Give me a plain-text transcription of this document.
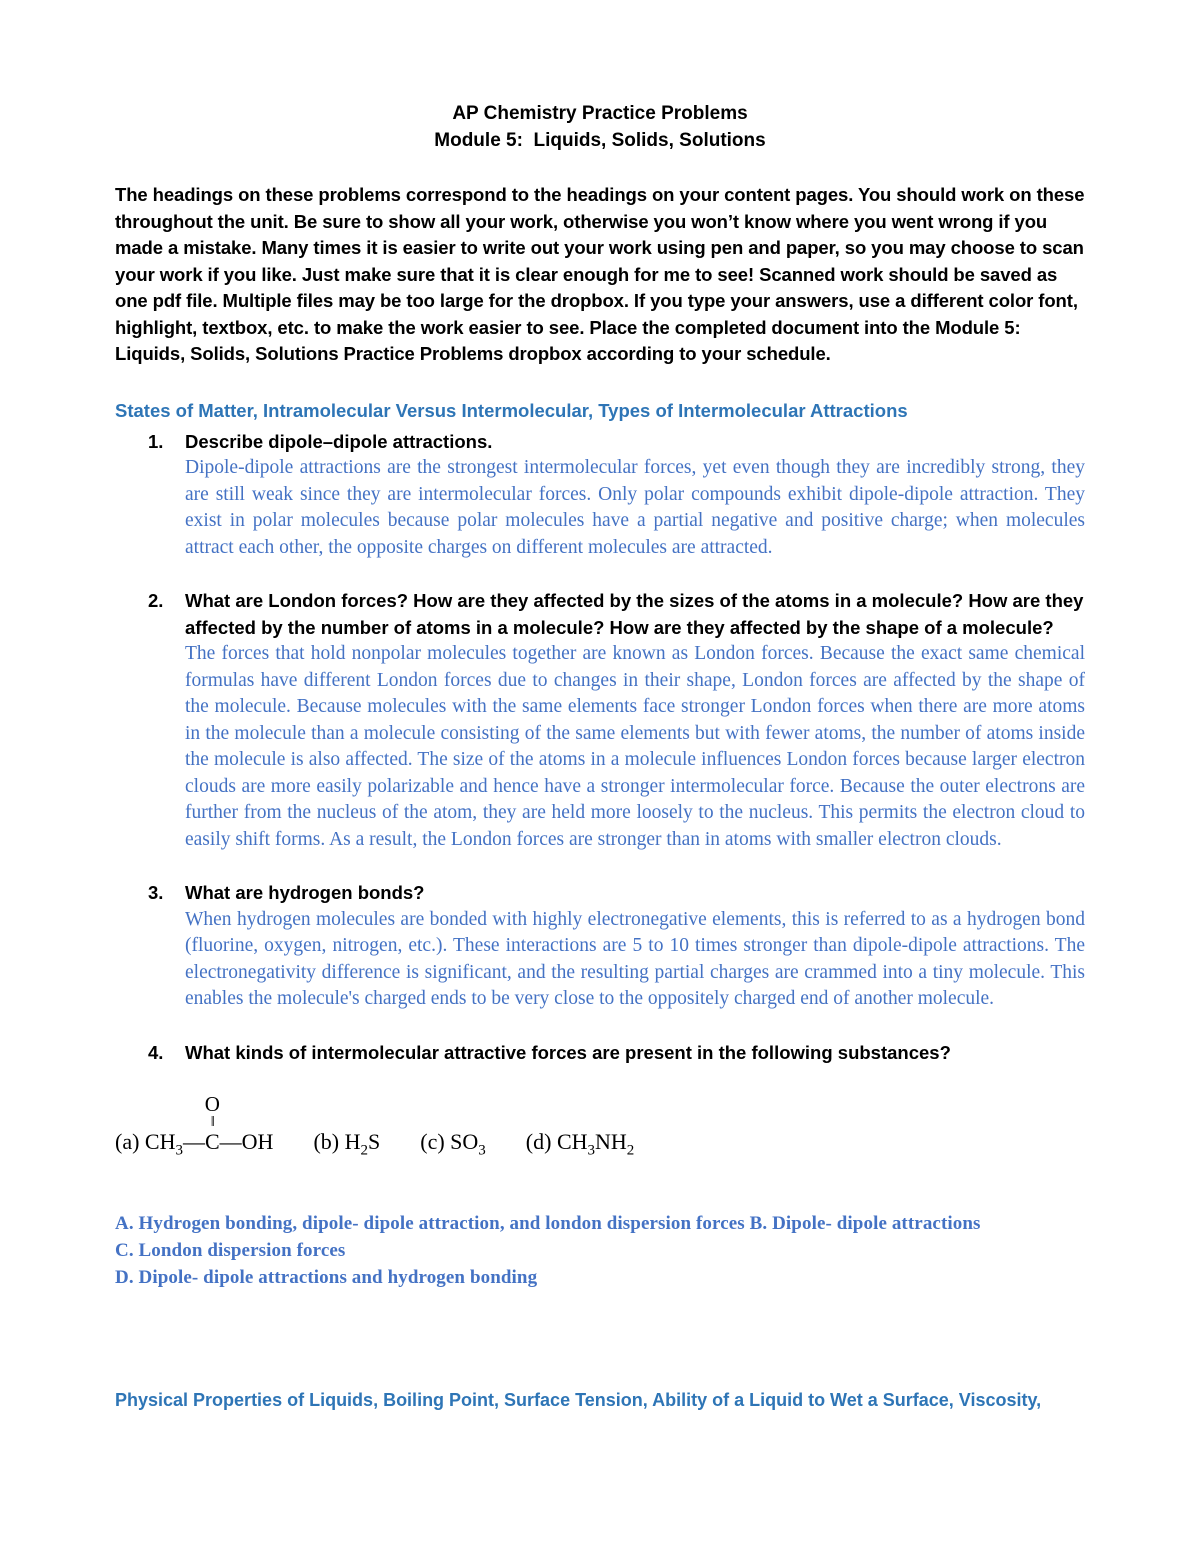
AP Chemistry Practice Problems
Module 5:  Liquids, Solids, Solutions

The headings on these problems correspond to the headings on your content pages. You should work on these throughout the unit. Be sure to show all your work, otherwise you won’t know where you went wrong if you made a mistake. Many times it is easier to write out your work using pen and paper, so you may choose to scan your work if you like. Just make sure that it is clear enough for me to see! Scanned work should be saved as one pdf file. Multiple files may be too large for the dropbox. If you type your answers, use a different color font, highlight, textbox, etc. to make the work easier to see. Place the completed document into the Module 5: Liquids, Solids, Solutions Practice Problems dropbox according to your schedule.

States of Matter, Intramolecular Versus Intermolecular, Types of Intermolecular Attractions
1.	Describe dipole–dipole attractions.
Dipole-dipole attractions are the strongest intermolecular forces, yet even though they are incredibly strong, they are still weak since they are intermolecular forces. Only polar compounds exhibit dipole-dipole attraction. They exist in polar molecules because polar molecules have a partial negative and positive charge; when molecules attract each other, the opposite charges on different molecules are attracted.
2.	What are London forces? How are they affected by the sizes of the atoms in a molecule? How are they affected by the number of atoms in a molecule? How are they affected by the shape of a molecule?
The forces that hold nonpolar molecules together are known as London forces. Because the exact same chemical formulas have different London forces due to changes in their shape, London forces are affected by the shape of the molecule. Because molecules with the same elements face stronger London forces when there are more atoms in the molecule than a molecule consisting of the same elements but with fewer atoms, the number of atoms inside the molecule is also affected. The size of the atoms in a molecule influences London forces because larger electron clouds are more easily polarizable and hence have a stronger intermolecular force. Because the outer electrons are further from the nucleus of the atom, they are held more loosely to the nucleus. This permits the electron cloud to easily shift forms. As a result, the London forces are stronger than in atoms with smaller electron clouds.
3.	What are hydrogen bonds?
When hydrogen molecules are bonded with highly electronegative elements, this is referred to as a hydrogen bond (fluorine, oxygen, nitrogen, etc.). These interactions are 5 to 10 times stronger than dipole-dipole attractions. The electronegativity difference is significant, and the resulting partial charges are crammed into a tiny molecule. This enables the molecule's charged ends to be very close to the oppositely charged end of another molecule.
4.	What kinds of intermolecular attractive forces are present in the following substances?
(a) $CH_3—$
O
‖
C—OH (b) $H_2S$ (c) $SO_3$ (d) $CH_3NH_2$
A. Hydrogen bonding, dipole- dipole attraction, and london dispersion forces B. Dipole- dipole attractions
C. London dispersion forces
D. Dipole- dipole attractions and hydrogen bonding
Physical Properties of Liquids, Boiling Point, Surface Tension, Ability of a Liquid to Wet a Surface, Viscosity,
